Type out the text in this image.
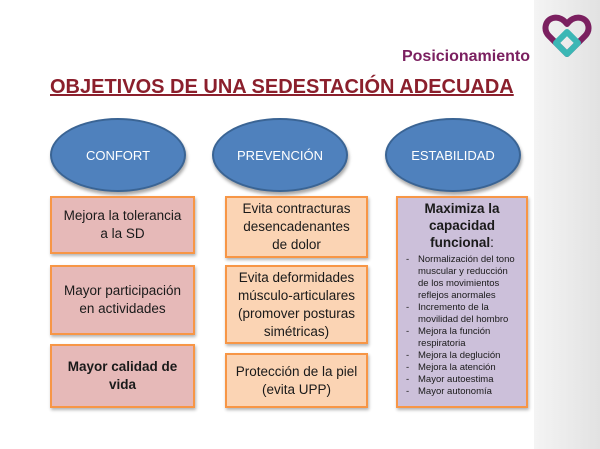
Posicionamiento
OBJETIVOS DE UNA SEDESTACIÓN ADECUADA
CONFORT	PREVENCIÓN	ESTABILIDAD
Mejora la tolerancia a la SD
Mayor participación en actividades
Mayor calidad de vida
Evita contracturas desencadenantes de dolor
Evita deformidades músculo-articulares (promover posturas simétricas)
Protección de la piel (evita UPP)
Maximiza la capacidad funcional:
- Normalización del tono muscular y reducción de los movimientos reflejos anormales
- Incremento de la movilidad del hombro
- Mejora la función respiratoria
- Mejora la deglución
- Mejora la atención
- Mayor autoestima
- Mayor autonomía
